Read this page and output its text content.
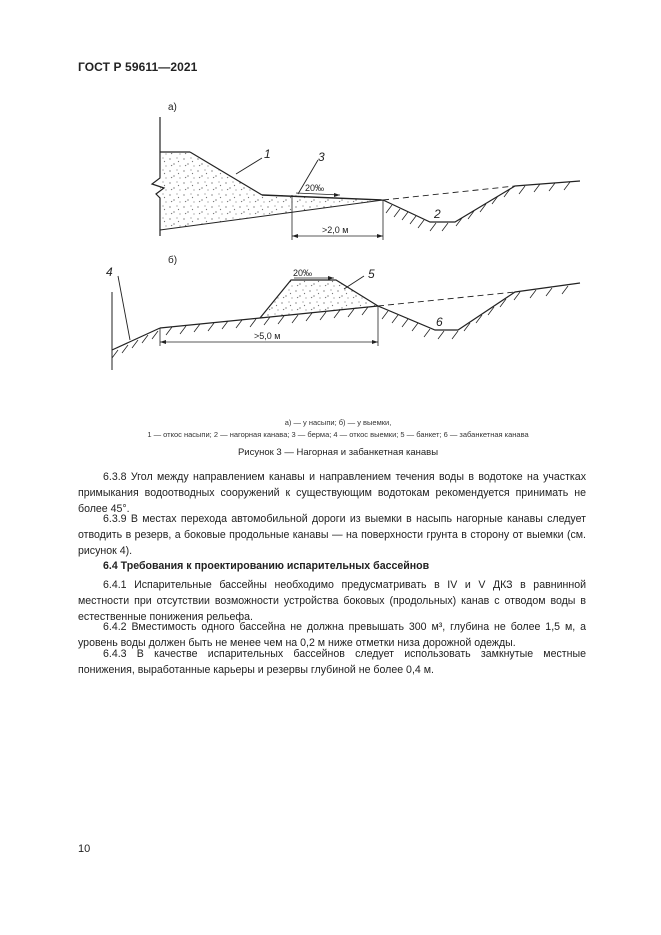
ГОСТ Р 59611—2021
а)
б)
1
2
3
4	5
6
20‰
20‰
>2,0 м
>5,0 м
а) — у насыпи; б) — у выемки,
1 — откос насыпи; 2 — нагорная канава; 3 — берма; 4 — откос выемки; 5 — банкет; 6 — забанкетная канава
Рисунок 3 — Нагорная и забанкетная канавы

6.3.8 Угол между направлением канавы и направлением течения воды в водотоке на участках примыкания водоотводных сооружений к существующим водотокам рекомендуется принимать не более 45°.

6.3.9 В местах перехода автомобильной дороги из выемки в насыпь нагорные канавы следует отводить в резерв, а боковые продольные канавы — на поверхности грунта в сторону от выемки (см. рисунок 4).

6.4 Требования к проектированию испарительных бассейнов

6.4.1 Испарительные бассейны необходимо предусматривать в IV и V ДКЗ в равнинной местности при отсутствии возможности устройства боковых (продольных) канав с отводом воды в естественные понижения рельефа.

6.4.2 Вместимость одного бассейна не должна превышать 300 м³, глубина не более 1,5 м, а уровень воды должен быть не менее чем на 0,2 м ниже отметки низа дорожной одежды.

6.4.3 В качестве испарительных бассейнов следует использовать замкнутые местные понижения, выработанные карьеры и резервы глубиной не более 0,4 м.

10
